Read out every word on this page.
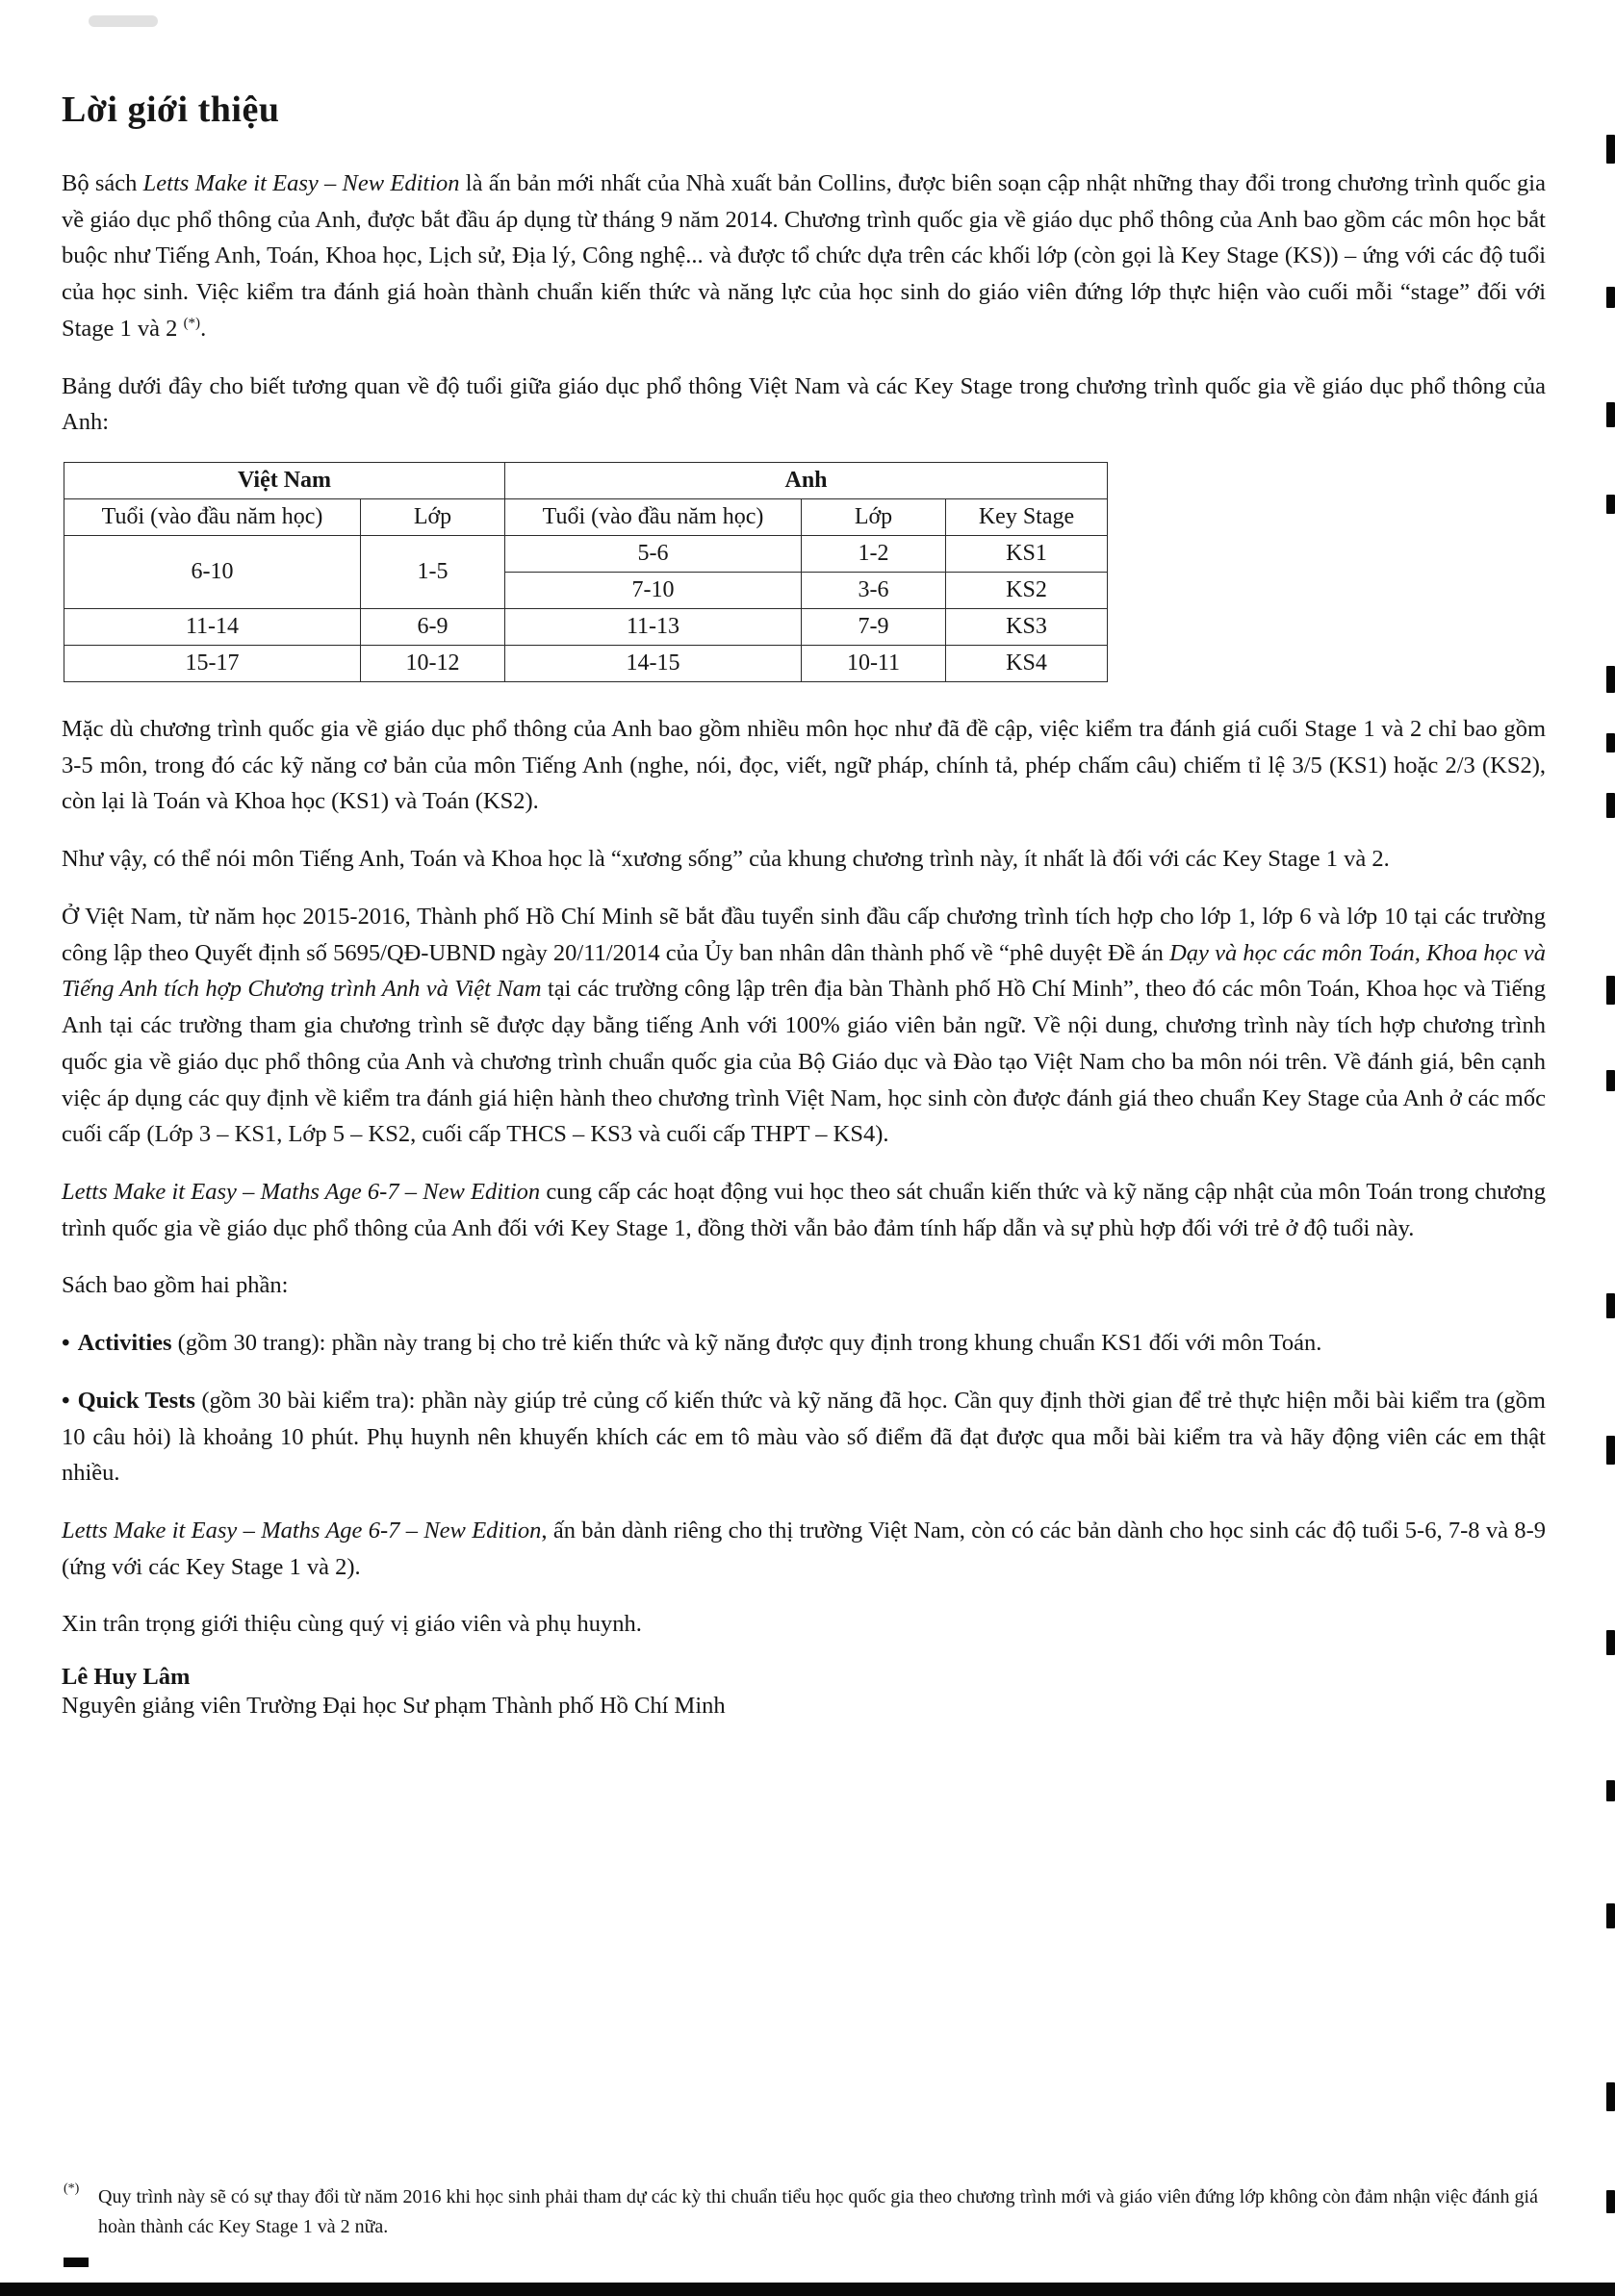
Lời giới thiệu

Bộ sách Letts Make it Easy – New Edition là ấn bản mới nhất của Nhà xuất bản Collins, được biên soạn cập nhật những thay đổi trong chương trình quốc gia về giáo dục phổ thông của Anh, được bắt đầu áp dụng từ tháng 9 năm 2014. Chương trình quốc gia về giáo dục phổ thông của Anh bao gồm các môn học bắt buộc như Tiếng Anh, Toán, Khoa học, Lịch sử, Địa lý, Công nghệ... và được tổ chức dựa trên các khối lớp (còn gọi là Key Stage (KS)) – ứng với các độ tuổi của học sinh. Việc kiểm tra đánh giá hoàn thành chuẩn kiến thức và năng lực của học sinh do giáo viên đứng lớp thực hiện vào cuối mỗi “stage” đối với Stage 1 và 2 (*).

Bảng dưới đây cho biết tương quan về độ tuổi giữa giáo dục phổ thông Việt Nam và các Key Stage trong chương trình quốc gia về giáo dục phổ thông của Anh:

Việt Nam		Anh		
Tuổi (vào đầu năm học)	Lớp	Tuổi (vào đầu năm học)	Lớp	Key Stage
6-10	1-5	5-6	1-2	KS1
		7-10	3-6	KS2
11-14	6-9	11-13	7-9	KS3
15-17	10-12	14-15	10-11	KS4

Mặc dù chương trình quốc gia về giáo dục phổ thông của Anh bao gồm nhiều môn học như đã đề cập, việc kiểm tra đánh giá cuối Stage 1 và 2 chỉ bao gồm 3-5 môn, trong đó các kỹ năng cơ bản của môn Tiếng Anh (nghe, nói, đọc, viết, ngữ pháp, chính tả, phép chấm câu) chiếm tỉ lệ 3/5 (KS1) hoặc 2/3 (KS2), còn lại là Toán và Khoa học (KS1) và Toán (KS2).

Như vậy, có thể nói môn Tiếng Anh, Toán và Khoa học là “xương sống” của khung chương trình này, ít nhất là đối với các Key Stage 1 và 2.

Ở Việt Nam, từ năm học 2015-2016, Thành phố Hồ Chí Minh sẽ bắt đầu tuyển sinh đầu cấp chương trình tích hợp cho lớp 1, lớp 6 và lớp 10 tại các trường công lập theo Quyết định số 5695/QĐ-UBND ngày 20/11/2014 của Ủy ban nhân dân thành phố về “phê duyệt Đề án Dạy và học các môn Toán, Khoa học và Tiếng Anh tích hợp Chương trình Anh và Việt Nam tại các trường công lập trên địa bàn Thành phố Hồ Chí Minh”, theo đó các môn Toán, Khoa học và Tiếng Anh tại các trường tham gia chương trình sẽ được dạy bằng tiếng Anh với 100% giáo viên bản ngữ. Về nội dung, chương trình này tích hợp chương trình quốc gia về giáo dục phổ thông của Anh và chương trình chuẩn quốc gia của Bộ Giáo dục và Đào tạo Việt Nam cho ba môn nói trên. Về đánh giá, bên cạnh việc áp dụng các quy định về kiểm tra đánh giá hiện hành theo chương trình Việt Nam, học sinh còn được đánh giá theo chuẩn Key Stage của Anh ở các mốc cuối cấp (Lớp 3 – KS1, Lớp 5 – KS2, cuối cấp THCS – KS3 và cuối cấp THPT – KS4).

Letts Make it Easy – Maths Age 6-7 – New Edition cung cấp các hoạt động vui học theo sát chuẩn kiến thức và kỹ năng cập nhật của môn Toán trong chương trình quốc gia về giáo dục phổ thông của Anh đối với Key Stage 1, đồng thời vẫn bảo đảm tính hấp dẫn và sự phù hợp đối với trẻ ở độ tuổi này.

Sách bao gồm hai phần:

• Activities (gồm 30 trang): phần này trang bị cho trẻ kiến thức và kỹ năng được quy định trong khung chuẩn KS1 đối với môn Toán.

• Quick Tests (gồm 30 bài kiểm tra): phần này giúp trẻ củng cố kiến thức và kỹ năng đã học. Cần quy định thời gian để trẻ thực hiện mỗi bài kiểm tra (gồm 10 câu hỏi) là khoảng 10 phút. Phụ huynh nên khuyến khích các em tô màu vào số điểm đã đạt được qua mỗi bài kiểm tra và hãy động viên các em thật nhiều.

Letts Make it Easy – Maths Age 6-7 – New Edition, ấn bản dành riêng cho thị trường Việt Nam, còn có các bản dành cho học sinh các độ tuổi 5-6, 7-8 và 8-9 (ứng với các Key Stage 1 và 2).

Xin trân trọng giới thiệu cùng quý vị giáo viên và phụ huynh.

Lê Huy Lâm

Nguyên giảng viên Trường Đại học Sư phạm Thành phố Hồ Chí Minh

(*) Quy trình này sẽ có sự thay đổi từ năm 2016 khi học sinh phải tham dự các kỳ thi chuẩn tiểu học quốc gia theo chương trình mới và giáo viên đứng lớp không còn đảm nhận việc đánh giá hoàn thành các Key Stage 1 và 2 nữa.
